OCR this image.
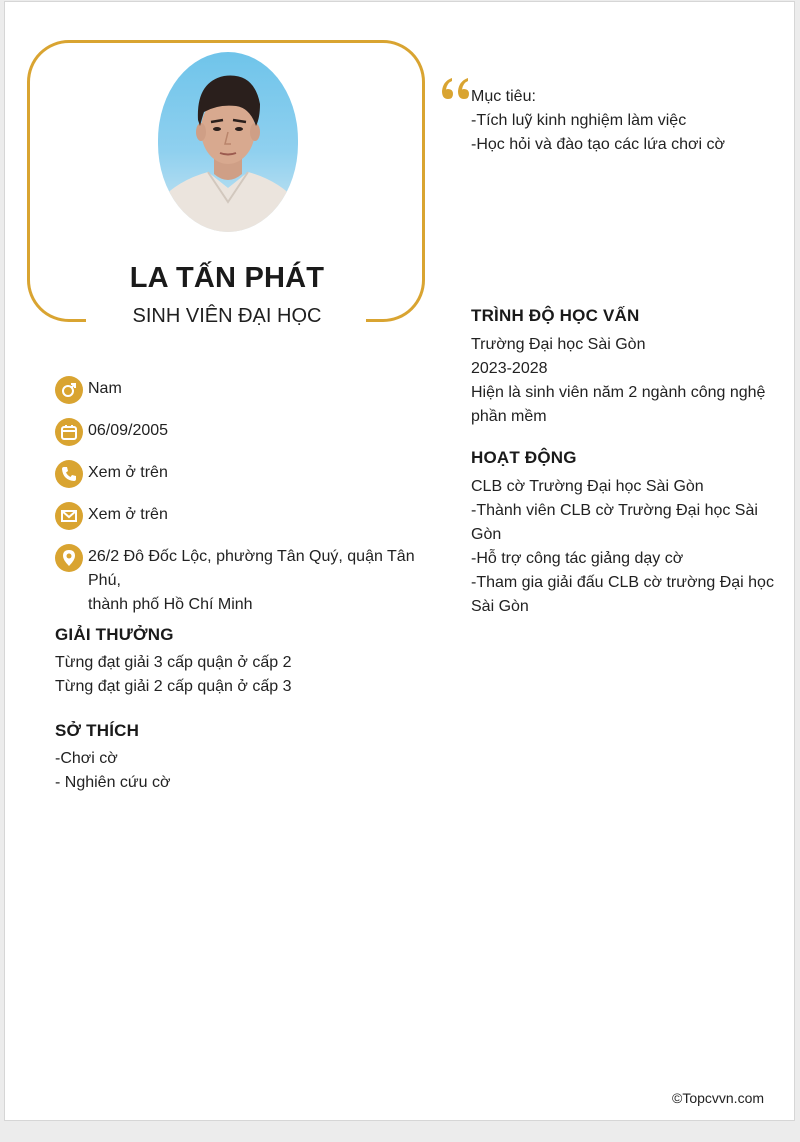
LA TẤN PHÁT
SINH VIÊN ĐẠI HỌC
Mục tiêu:
-Tích luỹ kinh nghiệm làm việc
-Học hỏi và đào tạo các lứa chơi cờ
Nam
06/09/2005
Xem ở trên
Xem ở trên
26/2 Đô Đốc Lộc, phường Tân Quý, quận Tân Phú,
thành phố Hồ Chí Minh
GIẢI THƯỞNG
Từng đạt giải 3 cấp quận ở cấp 2
Từng đạt giải 2 cấp quận ở cấp 3
SỞ THÍCH
-Chơi cờ
- Nghiên cứu cờ
TRÌNH ĐỘ HỌC VẤN
Trường Đại học Sài Gòn
2023-2028
Hiện là sinh viên năm 2 ngành công nghệ
phần mềm
HOẠT ĐỘNG
CLB cờ Trường Đại học Sài Gòn
-Thành viên CLB cờ Trường Đại học Sài
Gòn
-Hỗ trợ công tác giảng dạy cờ
-Tham gia giải đấu CLB cờ trường Đại học
Sài Gòn
©Topcvvn.com
